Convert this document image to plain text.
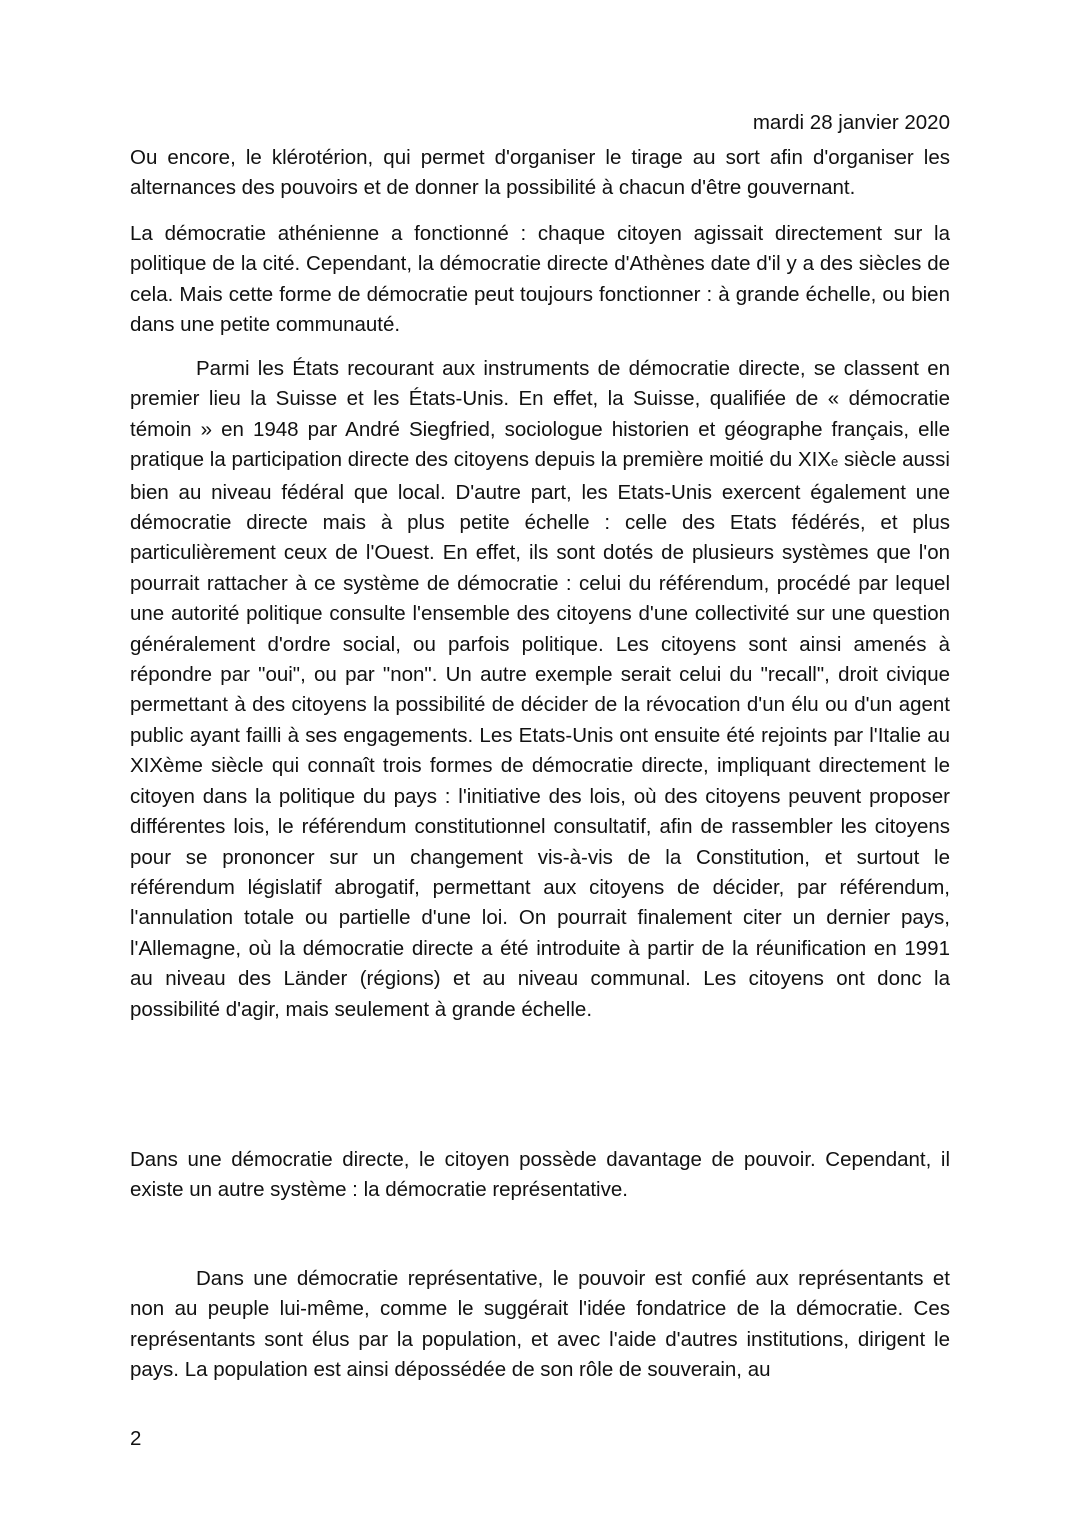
mardi 28 janvier 2020

Ou encore, le klérotérion, qui permet d'organiser le tirage au sort afin d'organiser les alternances des pouvoirs et de donner la possibilité à chacun d'être gouvernant.

La démocratie athénienne a fonctionné : chaque citoyen agissait directement sur la politique de la cité. Cependant, la démocratie directe d'Athènes date d'il y a des siècles de cela. Mais cette forme de démocratie peut toujours fonctionner : à grande échelle, ou bien dans une petite communauté.

Parmi les États recourant aux instruments de démocratie directe, se classent en premier lieu la Suisse et les États-Unis. En effet, la Suisse, qualifiée de « démocratie témoin » en 1948 par André Siegfried, sociologue historien et géographe français, elle pratique la participation directe des citoyens depuis la première moitié du XIXe siècle aussi bien au niveau fédéral que local. D'autre part, les Etats-Unis exercent également une démocratie directe mais à plus petite échelle : celle des Etats fédérés, et plus particulièrement ceux de l'Ouest. En effet, ils sont dotés de plusieurs systèmes que l'on pourrait rattacher à ce système de démocratie : celui du référendum, procédé par lequel une autorité politique consulte l'ensemble des citoyens d'une collectivité sur une question généralement d'ordre social, ou parfois politique. Les citoyens sont ainsi amenés à répondre par "oui", ou par "non". Un autre exemple serait celui du "recall", droit civique permettant à des citoyens la possibilité de décider de la révocation d'un élu ou d'un agent public ayant failli à ses engagements. Les Etats-Unis ont ensuite été rejoints par l'Italie au XIXème siècle qui connaît trois formes de démocratie directe, impliquant directement le citoyen dans la politique du pays : l'initiative des lois, où des citoyens peuvent proposer différentes lois, le référendum constitutionnel consultatif, afin de rassembler les citoyens pour se prononcer sur un changement vis-à-vis de la Constitution, et surtout le référendum législatif abrogatif, permettant aux citoyens de décider, par référendum, l'annulation totale ou partielle d'une loi. On pourrait finalement citer un dernier pays, l'Allemagne, où la démocratie directe a été introduite à partir de la réunification en 1991 au niveau des Länder (régions) et au niveau communal. Les citoyens ont donc la possibilité d'agir, mais seulement à grande échelle.

Dans une démocratie directe, le citoyen possède davantage de pouvoir. Cependant, il existe un autre système : la démocratie représentative.

Dans une démocratie représentative, le pouvoir est confié aux représentants et non au peuple lui-même, comme le suggérait l'idée fondatrice de la démocratie. Ces représentants sont élus par la population, et avec l'aide d'autres institutions, dirigent le pays. La population est ainsi dépossédée de son rôle de souverain, au

2
